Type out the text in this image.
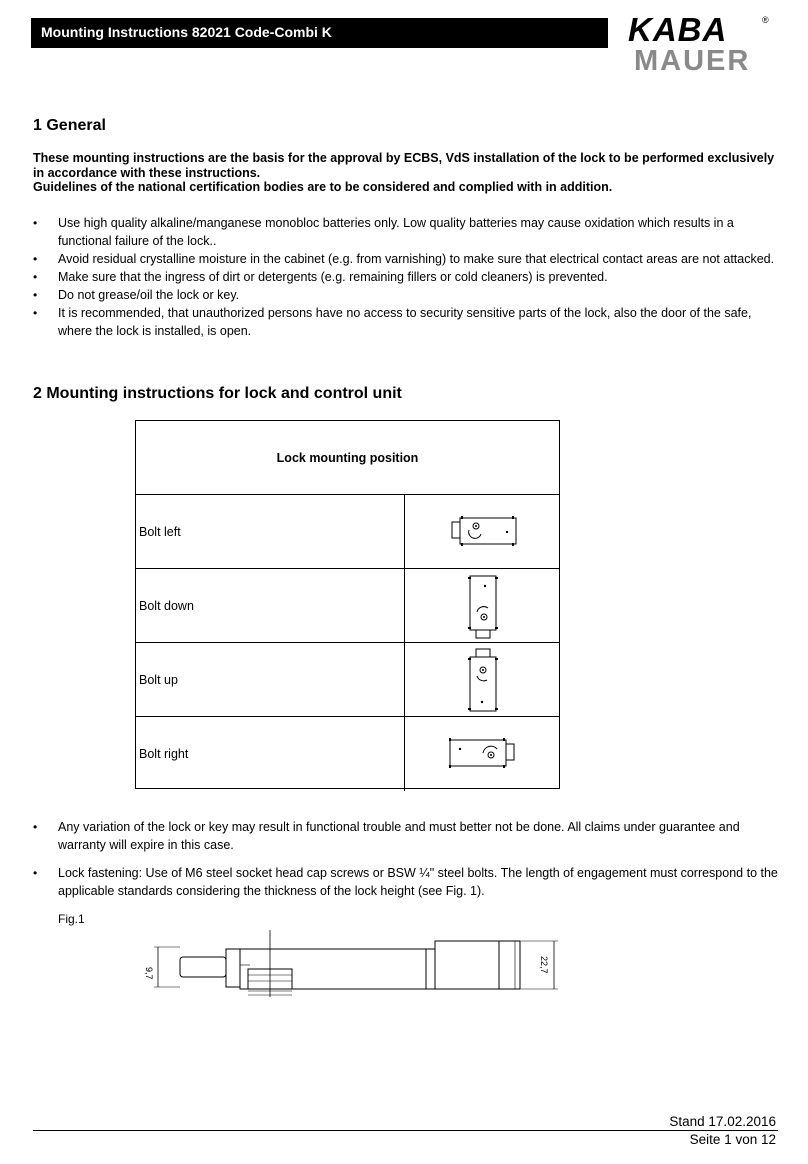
Mounting Instructions 82021 Code-Combi K	KABA	®
MAUER
1 General
These mounting instructions are the basis for the approval by ECBS, VdS installation of the lock to be performed exclusively in accordance with these instructions.
Guidelines of the national certification bodies are to be considered and complied with in addition.
• Use high quality alkaline/manganese monobloc batteries only. Low quality batteries may cause oxidation which results in a functional failure of the lock..
• Avoid residual crystalline moisture in the cabinet (e.g. from varnishing) to make sure that electrical contact areas are not attacked.
• Make sure that the ingress of dirt or detergents (e.g. remaining fillers or cold cleaners) is prevented.
• Do not grease/oil the lock or key.
• It is recommended, that unauthorized persons have no access to security sensitive parts of the lock, also the door of the safe, where the lock is installed, is open.
2 Mounting instructions for lock and control unit
Lock mounting position
Bolt left
Bolt down
Bolt up
Bolt right
• Any variation of the lock or key may result in functional trouble and must better not be done. All claims under guarantee and warranty will expire in this case.
• Lock fastening: Use of M6 steel socket head cap screws or BSW ¼" steel bolts. The length of engagement must correspond to the applicable standards considering the thickness of the lock height (see Fig. 1).
Fig.1
9,7	22,7
Stand 17.02.2016
Seite 1 von 12
